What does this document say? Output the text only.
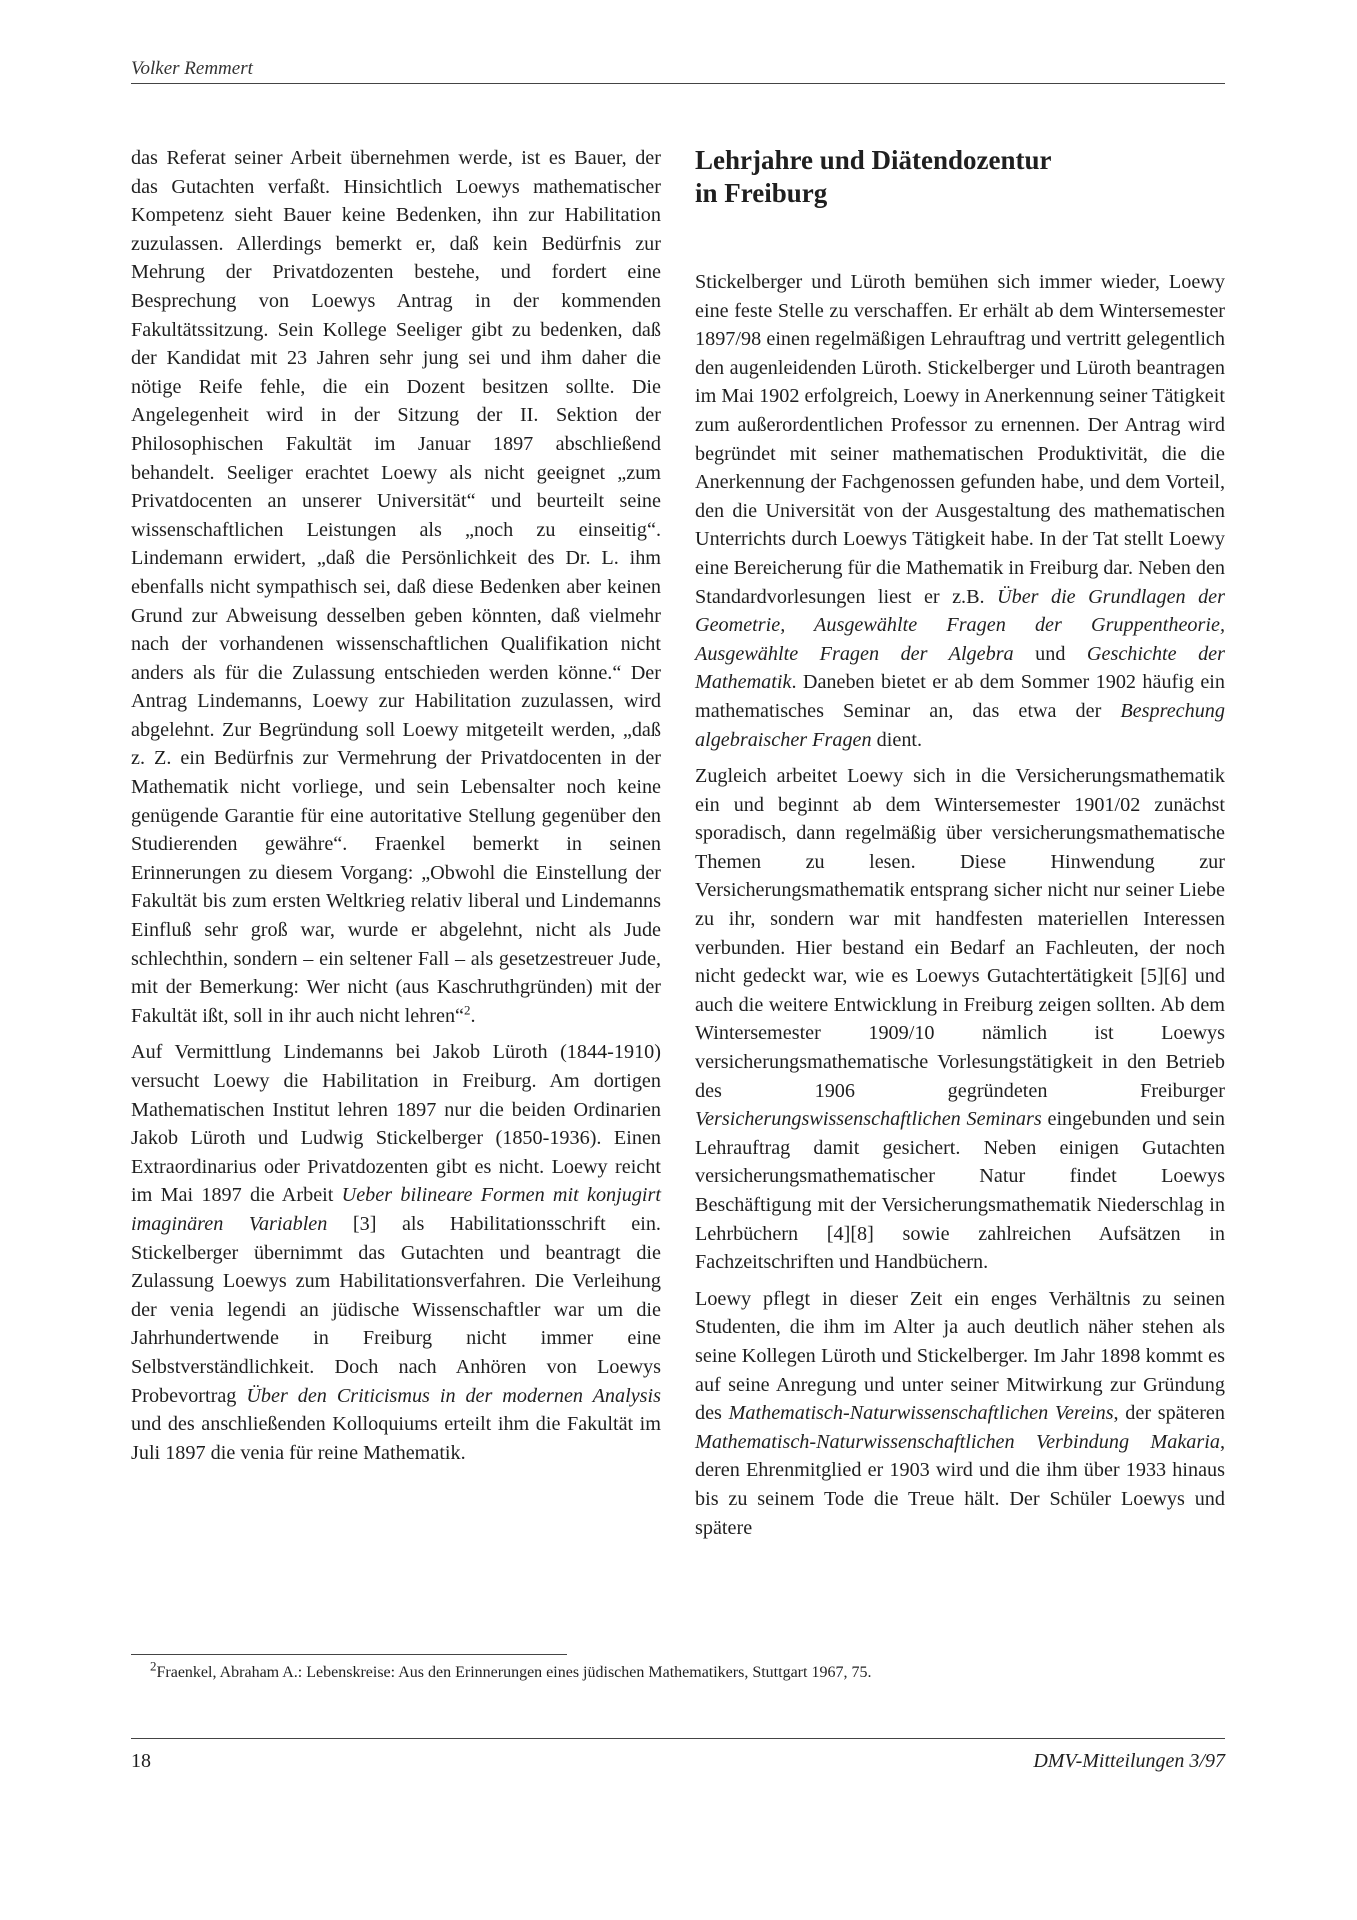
Volker Remmert

das Referat seiner Arbeit übernehmen werde, ist es Bauer, der das Gutachten verfaßt. Hinsichtlich Loewys mathematischer Kompetenz sieht Bauer keine Bedenken, ihn zur Habilitation zuzulassen. Allerdings bemerkt er, daß kein Bedürfnis zur Mehrung der Privatdozenten bestehe, und fordert eine Besprechung von Loewys Antrag in der kommenden Fakultätssitzung. Sein Kollege Seeliger gibt zu bedenken, daß der Kandidat mit 23 Jahren sehr jung sei und ihm daher die nötige Reife fehle, die ein Dozent besitzen sollte. Die Angelegenheit wird in der Sitzung der II. Sektion der Philosophischen Fakultät im Januar 1897 abschließend behandelt. Seeliger erachtet Loewy als nicht geeignet „zum Privatdocenten an unserer Universität“ und beurteilt seine wissenschaftlichen Leistungen als „noch zu einseitig“. Lindemann erwidert, „daß die Persönlichkeit des Dr. L. ihm ebenfalls nicht sympathisch sei, daß diese Bedenken aber keinen Grund zur Abweisung desselben geben könnten, daß vielmehr nach der vorhandenen wissenschaftlichen Qualifikation nicht anders als für die Zulassung entschieden werden könne.“ Der Antrag Lindemanns, Loewy zur Habilitation zuzulassen, wird abgelehnt. Zur Begründung soll Loewy mitgeteilt werden, „daß z. Z. ein Bedürfnis zur Vermehrung der Privatdocenten in der Mathematik nicht vorliege, und sein Lebensalter noch keine genügende Garantie für eine autoritative Stellung gegenüber den Studierenden gewähre“. Fraenkel bemerkt in seinen Erinnerungen zu diesem Vorgang: „Obwohl die Einstellung der Fakultät bis zum ersten Weltkrieg relativ liberal und Lindemanns Einfluß sehr groß war, wurde er abgelehnt, nicht als Jude schlechthin, sondern – ein seltener Fall – als gesetzestreuer Jude, mit der Bemerkung: Wer nicht (aus Kaschruthgründen) mit der Fakultät ißt, soll in ihr auch nicht lehren“$^2$.

Auf Vermittlung Lindemanns bei Jakob Lüroth (1844-1910) versucht Loewy die Habilitation in Freiburg. Am dortigen Mathematischen Institut lehren 1897 nur die beiden Ordinarien Jakob Lüroth und Ludwig Stickelberger (1850-1936). Einen Extraordinarius oder Privatdozenten gibt es nicht. Loewy reicht im Mai 1897 die Arbeit Ueber bilineare Formen mit konjugirt imaginären Variablen [3] als Habilitationsschrift ein. Stickelberger übernimmt das Gutachten und beantragt die Zulassung Loewys zum Habilitationsverfahren. Die Verleihung der venia legendi an jüdische Wissenschaftler war um die Jahrhundertwende in Freiburg nicht immer eine Selbstverständlichkeit. Doch nach Anhören von Loewys Probevortrag Über den Criticismus in der modernen Analysis und des anschließenden Kolloquiums erteilt ihm die Fakultät im Juli 1897 die venia für reine Mathematik.

Lehrjahre und Diätendozentur
in Freiburg

Stickelberger und Lüroth bemühen sich immer wieder, Loewy eine feste Stelle zu verschaffen. Er erhält ab dem Wintersemester 1897/98 einen regelmäßigen Lehrauftrag und vertritt gelegentlich den augenleidenden Lüroth. Stickelberger und Lüroth beantragen im Mai 1902 erfolgreich, Loewy in Anerkennung seiner Tätigkeit zum außerordentlichen Professor zu ernennen. Der Antrag wird begründet mit seiner mathematischen Produktivität, die die Anerkennung der Fachgenossen gefunden habe, und dem Vorteil, den die Universität von der Ausgestaltung des mathematischen Unterrichts durch Loewys Tätigkeit habe. In der Tat stellt Loewy eine Bereicherung für die Mathematik in Freiburg dar. Neben den Standardvorlesungen liest er z.B. Über die Grundlagen der Geometrie, Ausgewählte Fragen der Gruppentheorie, Ausgewählte Fragen der Algebra und Geschichte der Mathematik. Daneben bietet er ab dem Sommer 1902 häufig ein mathematisches Seminar an, das etwa der Besprechung algebraischer Fragen dient.

Zugleich arbeitet Loewy sich in die Versicherungsmathematik ein und beginnt ab dem Wintersemester 1901/02 zunächst sporadisch, dann regelmäßig über versicherungsmathematische Themen zu lesen. Diese Hinwendung zur Versicherungsmathematik entsprang sicher nicht nur seiner Liebe zu ihr, sondern war mit handfesten materiellen Interessen verbunden. Hier bestand ein Bedarf an Fachleuten, der noch nicht gedeckt war, wie es Loewys Gutachtertätigkeit [5][6] und auch die weitere Entwicklung in Freiburg zeigen sollten. Ab dem Wintersemester 1909/10 nämlich ist Loewys versicherungsmathematische Vorlesungstätigkeit in den Betrieb des 1906 gegründeten Freiburger Versicherungswissenschaftlichen Seminars eingebunden und sein Lehrauftrag damit gesichert. Neben einigen Gutachten versicherungsmathematischer Natur findet Loewys Beschäftigung mit der Versicherungsmathematik Niederschlag in Lehrbüchern [4][8] sowie zahlreichen Aufsätzen in Fachzeitschriften und Handbüchern.

Loewy pflegt in dieser Zeit ein enges Verhältnis zu seinen Studenten, die ihm im Alter ja auch deutlich näher stehen als seine Kollegen Lüroth und Stickelberger. Im Jahr 1898 kommt es auf seine Anregung und unter seiner Mitwirkung zur Gründung des Mathematisch-Naturwissenschaftlichen Vereins, der späteren Mathematisch-Naturwissenschaftlichen Verbindung Makaria, deren Ehrenmitglied er 1903 wird und die ihm über 1933 hinaus bis zu seinem Tode die Treue hält. Der Schüler Loewys und spätere

$^2$Fraenkel, Abraham A.: Lebenskreise: Aus den Erinnerungen eines jüdischen Mathematikers, Stuttgart 1967, 75.
18	DMV-Mitteilungen 3/97
